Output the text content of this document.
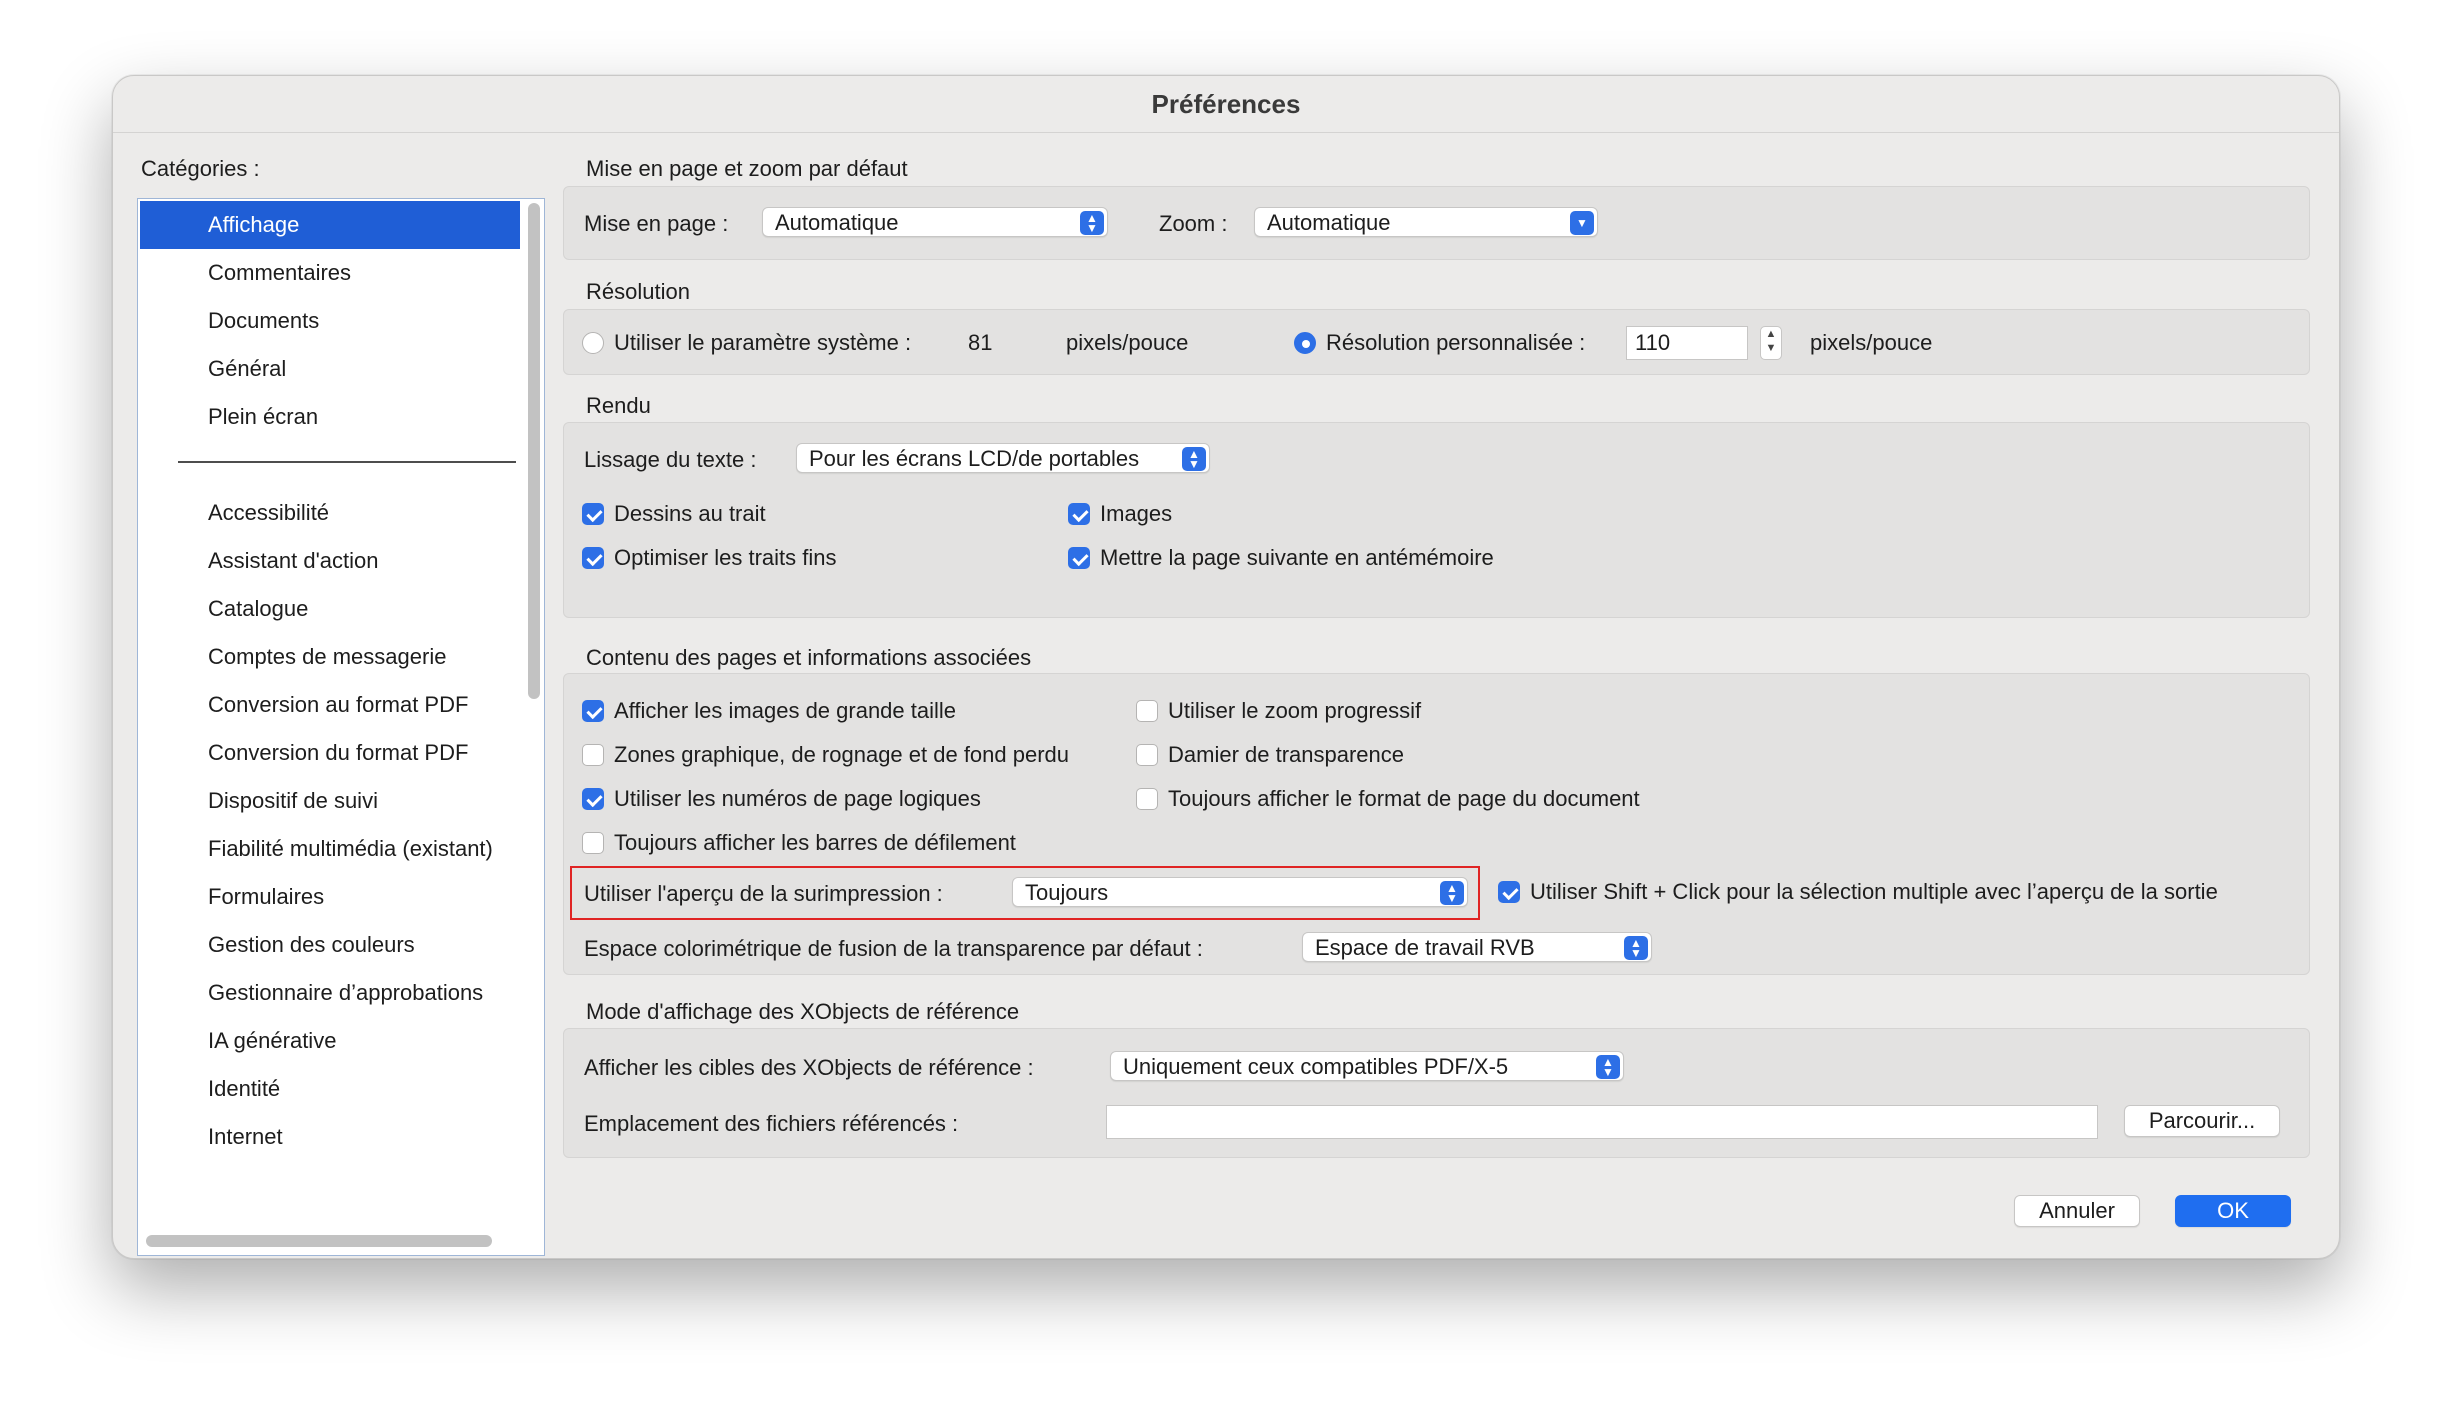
Préférences
Catégories :
Affichage
Commentaires
Documents
Général
Plein écran
Accessibilité
Assistant d'action
Catalogue
Comptes de messagerie
Conversion au format PDF
Conversion du format PDF
Dispositif de suivi
Fiabilité multimédia (existant)
Formulaires
Gestion des couleurs
Gestionnaire d’approbations
IA générative
Identité
Internet
Mise en page et zoom par défaut
Mise en page :	Automatique	▲
▼	Zoom :	Automatique	▼
Résolution
Utiliser le paramètre système :	81	pixels/pouce	Résolution personnalisée :	110	▲
▼ pixels/pouce
Rendu
Lissage du texte :	Pour les écrans LCD/de portables	▲
▼
Dessins au trait	Images
Optimiser les traits fins	Mettre la page suivante en antémémoire
Contenu des pages et informations associées
Afficher les images de grande taille	Utiliser le zoom progressif
Zones graphique, de rognage et de fond perdu	Damier de transparence
Utiliser les numéros de page logiques	Toujours afficher le format de page du document
Toujours afficher les barres de défilement
Utiliser l'aperçu de la surimpression :	Toujours	▲
▼	Utiliser Shift + Click pour la sélection multiple avec l’aperçu de la sortie
Espace colorimétrique de fusion de la transparence par défaut :	Espace de travail RVB	▲
▼
Mode d'affichage des XObjects de référence
Afficher les cibles des XObjects de référence :	Uniquement ceux compatibles PDF/X-5	▲
▼
Emplacement des fichiers référencés :	Parcourir...
Annuler	OK
